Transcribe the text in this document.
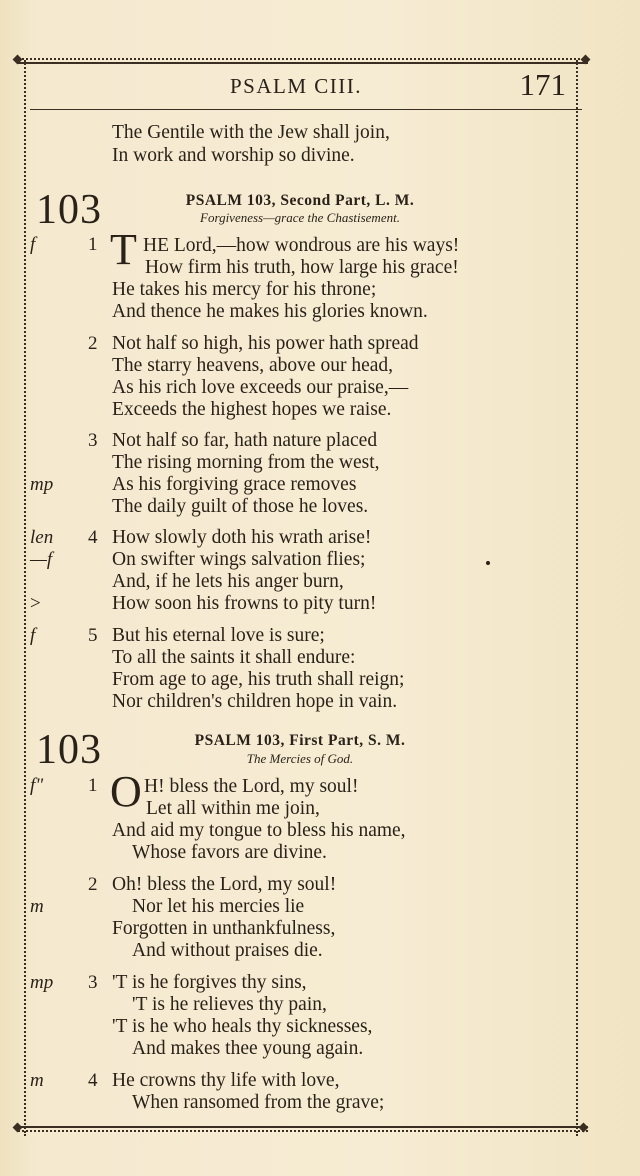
PSALM CIII.	171
The Gentile with the Jew shall join,
In work and worship so divine.
103	PSALM 103, Second Part, L. M.
Forgiveness—grace the Chastisement.
f	1 T HE Lord,—how wondrous are his ways!
How firm his truth, how large his grace!
He takes his mercy for his throne;
And thence he makes his glories known.
2 Not half so high, his power hath spread
The starry heavens, above our head,
As his rich love exceeds our praise,—
Exceeds the highest hopes we raise.
3 Not half so far, hath nature placed
The rising morning from the west,
mp	As his forgiving grace removes
The daily guilt of those he loves.
len 4 How slowly doth his wrath arise!
—f	On swifter wings salvation flies;
And, if he lets his anger burn,
>	How soon his frowns to pity turn!
f	5 But his eternal love is sure;
To all the saints it shall endure:
From age to age, his truth shall reign;
Nor children's children hope in vain.
103	PSALM 103, First Part, S. M.
The Mercies of God.
f" 1 O H! bless the Lord, my soul!
Let all within me join,
And aid my tongue to bless his name,
Whose favors are divine.
2 Oh! bless the Lord, my soul!
m	Nor let his mercies lie
Forgotten in unthankfulness,
And without praises die.
mp 3 'T is he forgives thy sins,
'T is he relieves thy pain,
'T is he who heals thy sicknesses,
And makes thee young again.
m 4 He crowns thy life with love,
When ransomed from the grave;
